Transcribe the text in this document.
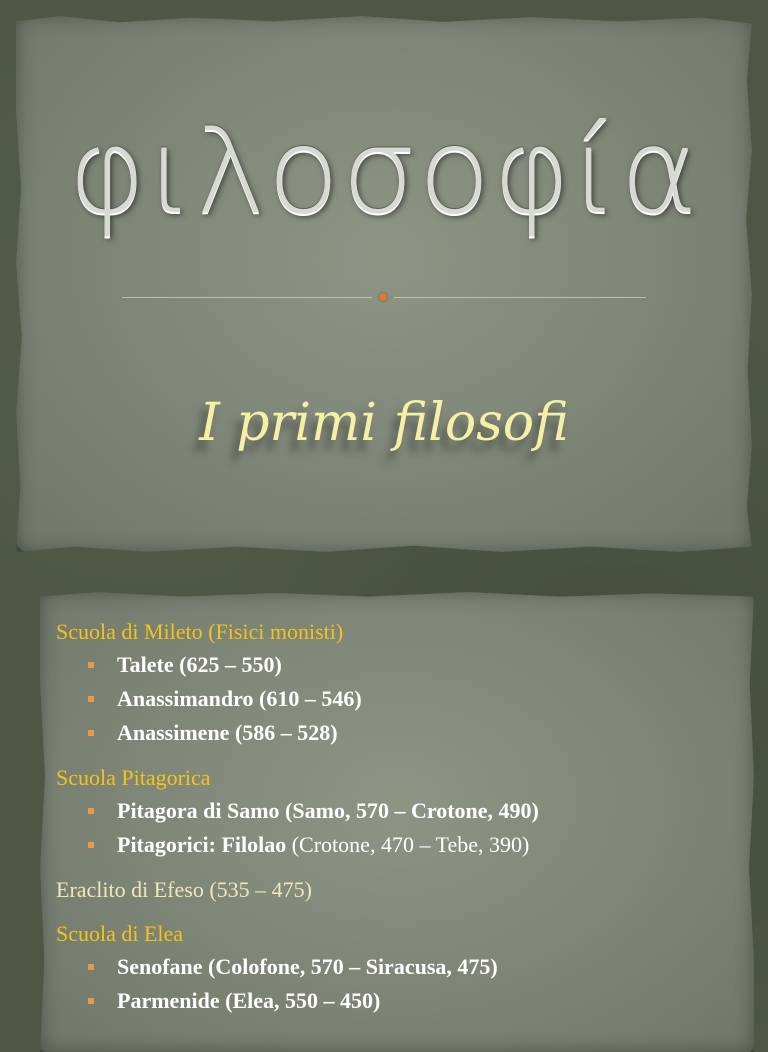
φιλοσοφία
I primi filosofi

Scuola di Mileto (Fisici monisti)

Talete (625 – 550)
Anassimandro (610 – 546)
Anassimene (586 – 528)

Scuola Pitagorica

Pitagora di Samo (Samo, 570 – Crotone, 490)
Pitagorici: Filolao (Crotone, 470 – Tebe, 390)

Eraclito di Efeso (535 – 475)

Scuola di Elea

Senofane (Colofone, 570 – Siracusa, 475)
Parmenide (Elea, 550 – 450)
